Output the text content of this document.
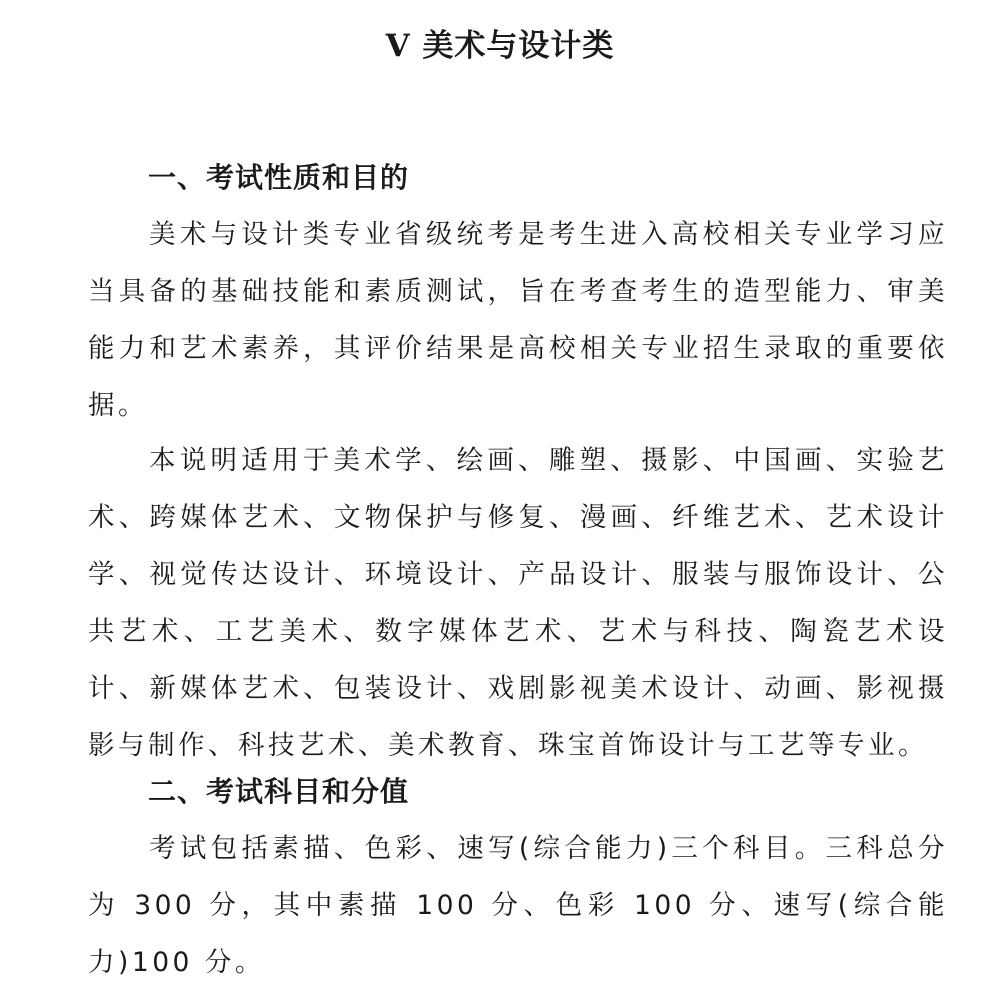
V 美术与设计类
一、考试性质和目的

美术与设计类专业省级统考是考生进入高校相关专业学习应当具备的基础技能和素质测试，旨在考查考生的造型能力、审美能力和艺术素养，其评价结果是高校相关专业招生录取的重要依据。

本说明适用于美术学、绘画、雕塑、摄影、中国画、实验艺术、跨媒体艺术、文物保护与修复、漫画、纤维艺术、艺术设计学、视觉传达设计、环境设计、产品设计、服装与服饰设计、公共艺术、工艺美术、数字媒体艺术、艺术与科技、陶瓷艺术设计、新媒体艺术、包装设计、戏剧影视美术设计、动画、影视摄影与制作、科技艺术、美术教育、珠宝首饰设计与工艺等专业。

二、考试科目和分值

考试包括素描、色彩、速写(综合能力)三个科目。三科总分为 300 分，其中素描 100 分、色彩 100 分、速写(综合能力)100 分。
